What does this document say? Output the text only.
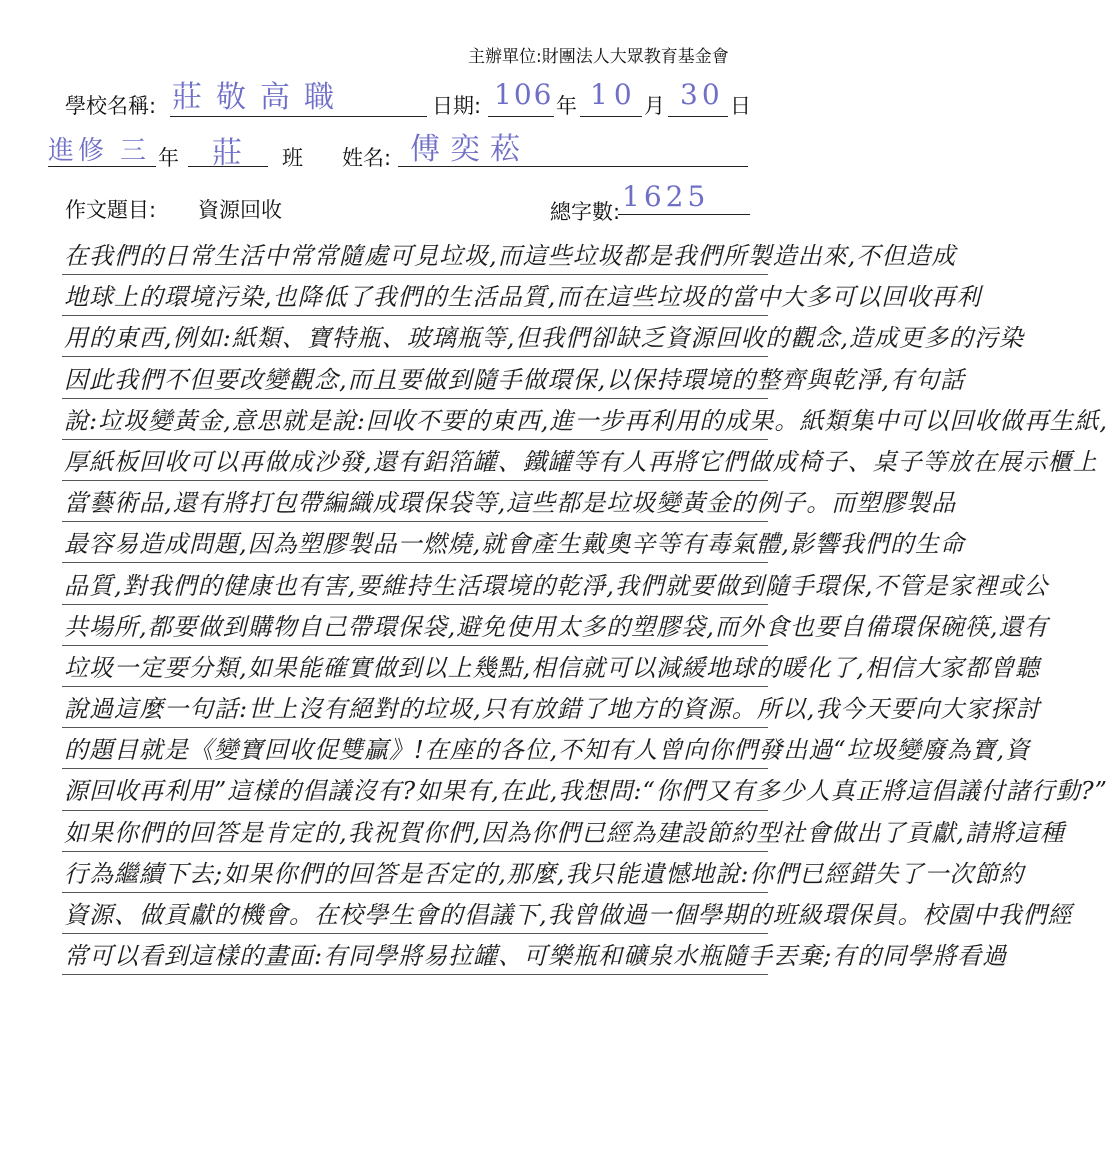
主辦單位:財團法人大眾教育基金會
學校名稱: 莊敬高職	日期: 106 年 10 月 30 日
進修 三
年 莊 班 姓名: 傅奕菘
作文題目: 資源回收	總字數: 1625
在我們的日常生活中常常隨處可見垃圾,而這些垃圾都是我們所製造出來,不但造成
地球上的環境污染,也降低了我們的生活品質,而在這些垃圾的當中大多可以回收再利
用的東西,例如:紙類、寶特瓶、玻璃瓶等,但我們卻缺乏資源回收的觀念,造成更多的污染
因此我們不但要改變觀念,而且要做到隨手做環保,以保持環境的整齊與乾淨,有句話
說:垃圾變黃金,意思就是說:回收不要的東西,進一步再利用的成果。紙類集中可以回收做再生紙,
厚紙板回收可以再做成沙發,還有鋁箔罐、鐵罐等有人再將它們做成椅子、桌子等放在展示櫃上
當藝術品,還有將打包帶編織成環保袋等,這些都是垃圾變黃金的例子。而塑膠製品
最容易造成問題,因為塑膠製品一燃燒,就會產生戴奧辛等有毒氣體,影響我們的生命
品質,對我們的健康也有害,要維持生活環境的乾淨,我們就要做到隨手環保,不管是家裡或公
共場所,都要做到購物自己帶環保袋,避免使用太多的塑膠袋,而外食也要自備環保碗筷,還有
垃圾一定要分類,如果能確實做到以上幾點,相信就可以減緩地球的暖化了,相信大家都曾聽
說過這麼一句話:世上沒有絕對的垃圾,只有放錯了地方的資源。所以,我今天要向大家探討
的題目就是《變寶回收促雙贏》!在座的各位,不知有人曾向你們發出過“垃圾變廢為寶,資
源回收再利用”這樣的倡議沒有?如果有,在此,我想問:“你們又有多少人真正將這倡議付諸行動?”
如果你們的回答是肯定的,我祝賀你們,因為你們已經為建設節約型社會做出了貢獻,請將這種
行為繼續下去;如果你們的回答是否定的,那麼,我只能遺憾地說:你們已經錯失了一次節約
資源、做貢獻的機會。在校學生會的倡議下,我曾做過一個學期的班級環保員。校園中我們經
常可以看到這樣的畫面:有同學將易拉罐、可樂瓶和礦泉水瓶隨手丟棄;有的同學將看過
